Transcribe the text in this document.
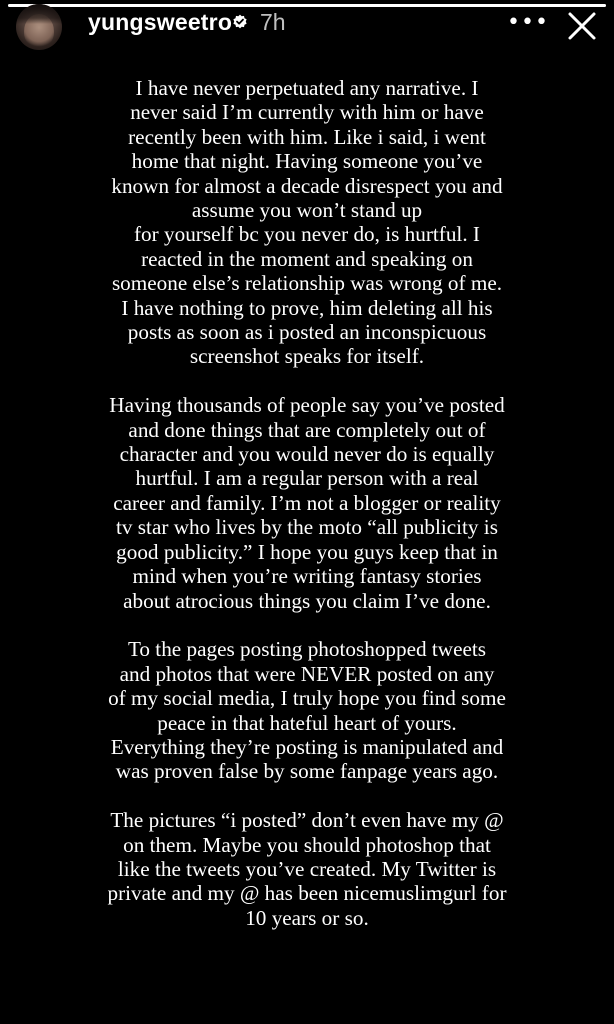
yungsweetro 7h	•••
I have never perpetuated any narrative. I
never said I’m currently with him or have
recently been with him. Like i said, i went
home that night. Having someone you’ve
known for almost a decade disrespect you and
assume you won’t stand up
for yourself bc you never do, is hurtful. I
reacted in the moment and speaking on
someone else’s relationship was wrong of me.
I have nothing to prove, him deleting all his
posts as soon as i posted an inconspicuous
screenshot speaks for itself.
Having thousands of people say you’ve posted
and done things that are completely out of
character and you would never do is equally
hurtful. I am a regular person with a real
career and family. I’m not a blogger or reality
tv star who lives by the moto “all publicity is
good publicity.” I hope you guys keep that in
mind when you’re writing fantasy stories
about atrocious things you claim I’ve done.
To the pages posting photoshopped tweets
and photos that were NEVER posted on any
of my social media, I truly hope you find some
peace in that hateful heart of yours.
Everything they’re posting is manipulated and
was proven false by some fanpage years ago.
The pictures “i posted” don’t even have my @
on them. Maybe you should photoshop that
like the tweets you’ve created. My Twitter is
private and my @ has been nicemuslimgurl for
10 years or so.
